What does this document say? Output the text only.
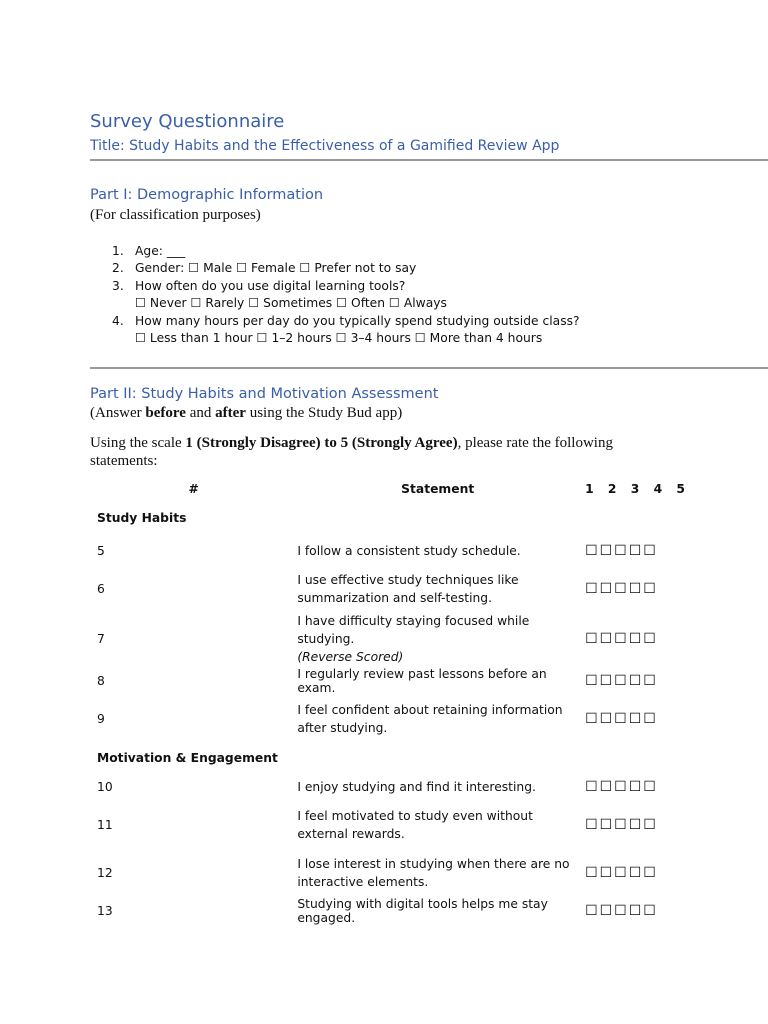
Survey Questionnaire
Title: Study Habits and the Effectiveness of a Gamified Review App
Part I: Demographic Information
(For classification purposes)
1. Age: ___
2. Gender: ☐ Male ☐ Female ☐ Prefer not to say
3. How often do you use digital learning tools?
☐ Never ☐ Rarely ☐ Sometimes ☐ Often ☐ Always
4. How many hours per day do you typically spend studying outside class?
☐ Less than 1 hour ☐ 1–2 hours ☐ 3–4 hours ☐ More than 4 hours
Part II: Study Habits and Motivation Assessment
(Answer before and after using the Study Bud app)
Using the scale 1 (Strongly Disagree) to 5 (Strongly Agree), please rate the following statements:
#	Statement	1 2 3 4 5
Study Habits		
5	I follow a consistent study schedule.	☐☐☐☐☐
6	I use effective study techniques like summarization and self-testing.	☐☐☐☐☐
7	I have difficulty staying focused while studying.
(Reverse Scored)	☐☐☐☐☐
8	I regularly review past lessons before an exam.	☐☐☐☐☐
9	I feel confident about retaining information after studying.	☐☐☐☐☐
Motivation & Engagement		
10	I enjoy studying and find it interesting.	☐☐☐☐☐
11	I feel motivated to study even without external rewards.	☐☐☐☐☐
12	I lose interest in studying when there are no interactive elements.	☐☐☐☐☐
13	Studying with digital tools helps me stay engaged.	☐☐☐☐☐
